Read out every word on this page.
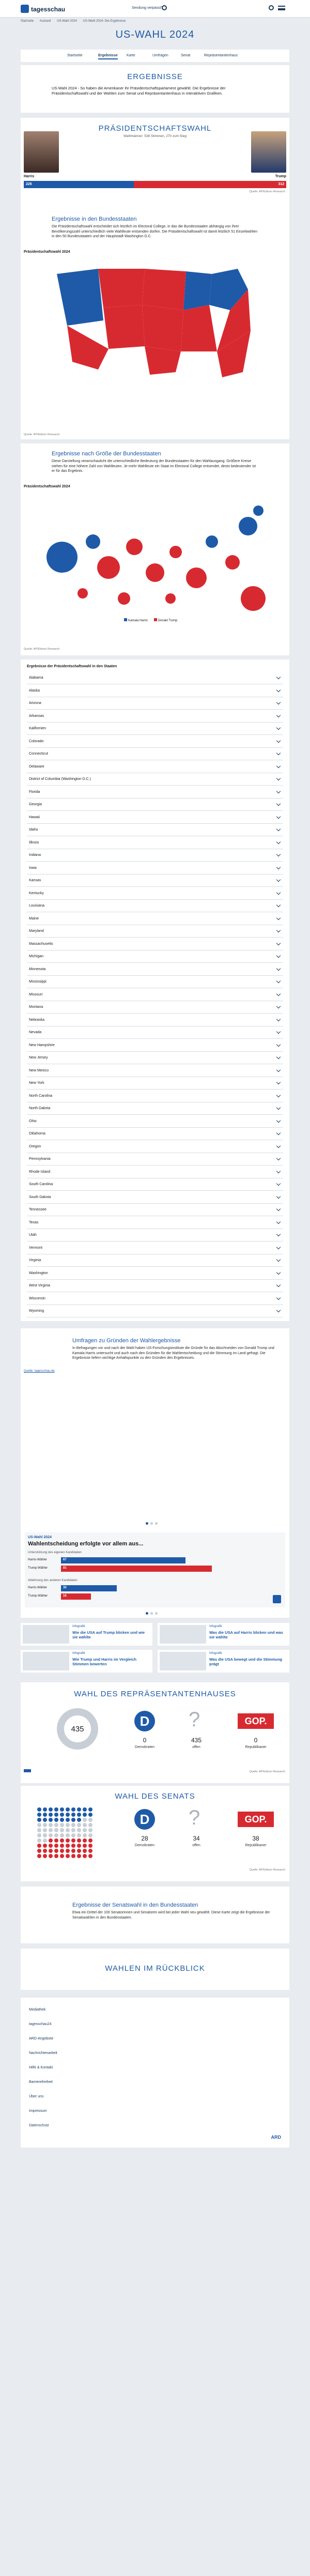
tagesschau	Sendung verpasst?
Startseite Ausland US-Wahl 2024 US-Wahl 2024: Die Ergebnisse
US-WAHL 2024
Startseite	Ergebnisse Karte	Umfragen	Senat	Repräsentantenhaus
ERGEBNISSE
US-Wahl 2024 - So haben die Amerikaner ihr Präsidentschaftsparlament gewählt. Die Ergebnisse der Präsidentschaftswahl und der Wahlen zum Senat und Repräsentantenhaus in interaktiven Grafiken.
PRÄSIDENTSCHAFTSWAHL
Wahlmänner: 538 Stimmen, 270 zum Sieg
Harris	Trump
226	312
Quelle: AP/Edison Research
Ergebnisse in den Bundesstaaten
Die Präsidentschaftswahl entscheidet sich letztlich im Electoral College, in das die Bundesstaaten abhängig von ihrer Bevölkerungszahl unterschiedlich viele Wahlleute entsenden dürfen. Die Präsidentschaftswahl ist damit letztlich 51 Einzelwahlen in den 50 Bundesstaaten und der Hauptstadt Washington D.C.
Präsidentschaftswahl 2024
Quelle: AP/Edison Research
Ergebnisse nach Größe der Bundesstaaten
Diese Darstellung veranschaulicht die unterschiedliche Bedeutung der Bundesstaaten für den Wahlausgang. Größere Kreise stehen für eine höhere Zahl von Wahlleuten. Je mehr Wahlleute ein Staat im Electoral College entsendet, desto bedeutender ist er für das Ergebnis.
Präsidentschaftswahl 2024
Kamala Harris	Donald Trump
Quelle: AP/Edison Research
Ergebnisse der Präsidentschaftswahl in den Staaten
Alabama
Alaska
Arizona
Arkansas
Kalifornien
Colorado
Connecticut
Delaware
District of Columbia (Washington D.C.)
Florida
Georgia
Hawaii
Idaho
Illinois
Indiana
Iowa
Kansas
Kentucky
Louisiana
Maine
Maryland
Massachusetts
Michigan
Minnesota
Mississippi
Missouri
Montana
Nebraska
Nevada
New Hampshire
New Jersey
New Mexico
New York
North Carolina
North Dakota
Ohio
Oklahoma
Oregon
Pennsylvania
Rhode Island
South Carolina
South Dakota
Tennessee
Texas
Utah
Vermont
Virginia
Washington
West Virginia
Wisconsin
Wyoming
Umfragen zu Gründen der Wahlergebnisse
In Befragungen vor und nach der Wahl haben US-Forschungsinstitute die Gründe für das Abschneiden von Donald Trump und Kamala Harris untersucht und auch nach den Gründen für die Wahlentscheidung und die Stimmung im Land gefragt. Die Ergebnisse liefern wichtige Anhaltspunkte zu den Gründen des Ergebnisses.
Quelle: tagesschau.de
US-Wahl 2024
Wahlentscheidung erfolgte vor allem aus...
Unterstützung des eigenen Kandidaten
Ablehnung des anderen Kandidaten
Harris-Wähler	67
Trump-Wähler	81
Harris-Wähler	30
Trump-Wähler	16
Infografik
Wie die USA auf Trump blicken und wie sie wählte
Infografik
Was die USA auf Harris blicken und was sie wählte
Infografik
Wie Trump und Harris im Vergleich Stimmen bewerten
Infografik
Was die USA bewegt und die Stimmung prägt
WAHL DES REPRÄSENTANTENHAUSES
435
D ?	GOP.
0	435	0
Demokraten	offen	Republikaner
Quelle: AP/Edison Research
WAHL DES SENATS
D ?	GOP.
28	34	38
Demokraten	offen	Republikaner
Quelle: AP/Edison Research
Ergebnisse der Senatswahl in den Bundesstaaten
Etwa ein Drittel der 100 Senatorinnen und Senatoren wird bei jeder Wahl neu gewählt. Diese Karte zeigt die Ergebnisse der Senatswahlen in den Bundesstaaten.
WAHLEN IM RÜCKBLICK
Mediathek
tagesschau24
ARD-Angebote
Nachrichtenarbeit
Hilfe & Kontakt
Barrierefreiheit
Über uns
Impressum
Datenschutz
ARD
